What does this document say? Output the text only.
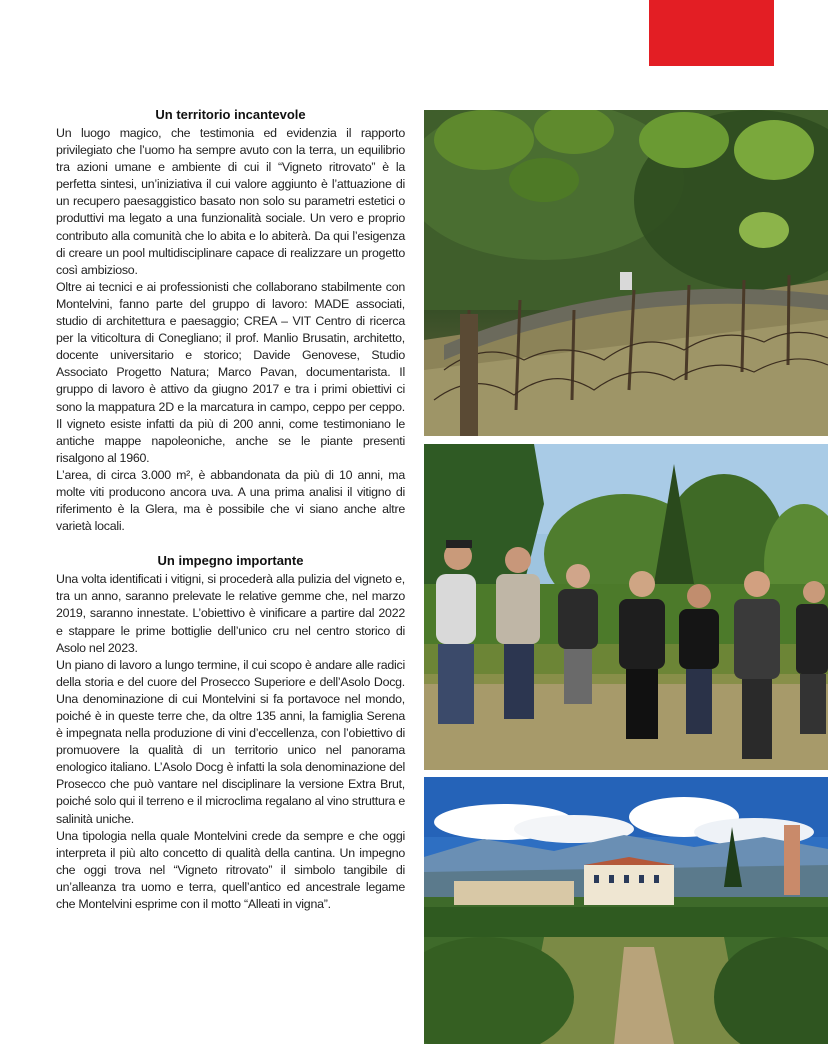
Un territorio incantevole

Un luogo magico, che testimonia ed evidenzia il rapporto privilegiato che l’uomo ha sempre avuto con la terra, un equilibrio tra azioni umane e ambiente di cui il “Vigneto ritrovato” è la perfetta sintesi, un’iniziativa il cui valore aggiunto è l’attuazione di un recupero paesaggistico basato non solo su parametri estetici o produttivi ma legato a una funzionalità sociale. Un vero e proprio contributo alla comunità che lo abita e lo abiterà. Da qui l’esigenza di creare un pool multidisciplinare capace di realizzare un progetto così ambizioso.

Oltre ai tecnici e ai professionisti che collaborano stabilmente con Montelvini, fanno parte del gruppo di lavoro: MADE associati, studio di architettura e paesaggio; CREA – VIT Centro di ricerca per la viticoltura di Conegliano; il prof. Manlio Brusatin, architetto, docente universitario e storico; Davide Genovese, Studio Associato Progetto Natura; Marco Pavan, documentarista. Il gruppo di lavoro è attivo da giugno 2017 e tra i primi obiettivi ci sono la mappatura 2D e la marcatura in campo, ceppo per ceppo. Il vigneto esiste infatti da più di 200 anni, come testimoniano le antiche mappe napoleoniche, anche se le piante presenti risalgono al 1960.

L’area, di circa 3.000 m², è abbandonata da più di 10 anni, ma molte viti producono ancora uva. A una prima analisi il vitigno di riferimento è la Glera, ma è possibile che vi siano anche altre varietà locali.

Un impegno importante

Una volta identificati i vitigni, si procederà alla pulizia del vigneto e, tra un anno, saranno prelevate le relative gemme che, nel marzo 2019, saranno innestate. L’obiettivo è vinificare a partire dal 2022 e stappare le prime bottiglie dell’unico cru nel centro storico di Asolo nel 2023.

Un piano di lavoro a lungo termine, il cui scopo è andare alle radici della storia e del cuore del Prosecco Superiore e dell’Asolo Docg. Una denominazione di cui Montelvini si fa portavoce nel mondo, poiché è in queste terre che, da oltre 135 anni, la famiglia Serena è impegnata nella produzione di vini d’eccellenza, con l’obiettivo di promuovere la qualità di un territorio unico nel panorama enologico italiano. L’Asolo Docg è infatti la sola denominazione del Prosecco che può vantare nel disciplinare la versione Extra Brut, poiché solo qui il terreno e il microclima regalano al vino struttura e salinità uniche.

Una tipologia nella quale Montelvini crede da sempre e che oggi interpreta il più alto concetto di qualità della cantina. Un impegno che oggi trova nel “Vigneto ritrovato” il simbolo tangibile di un’alleanza tra uomo e terra, quell’antico ed ancestrale legame che Montelvini esprime con il motto “Alleati in vigna”.
